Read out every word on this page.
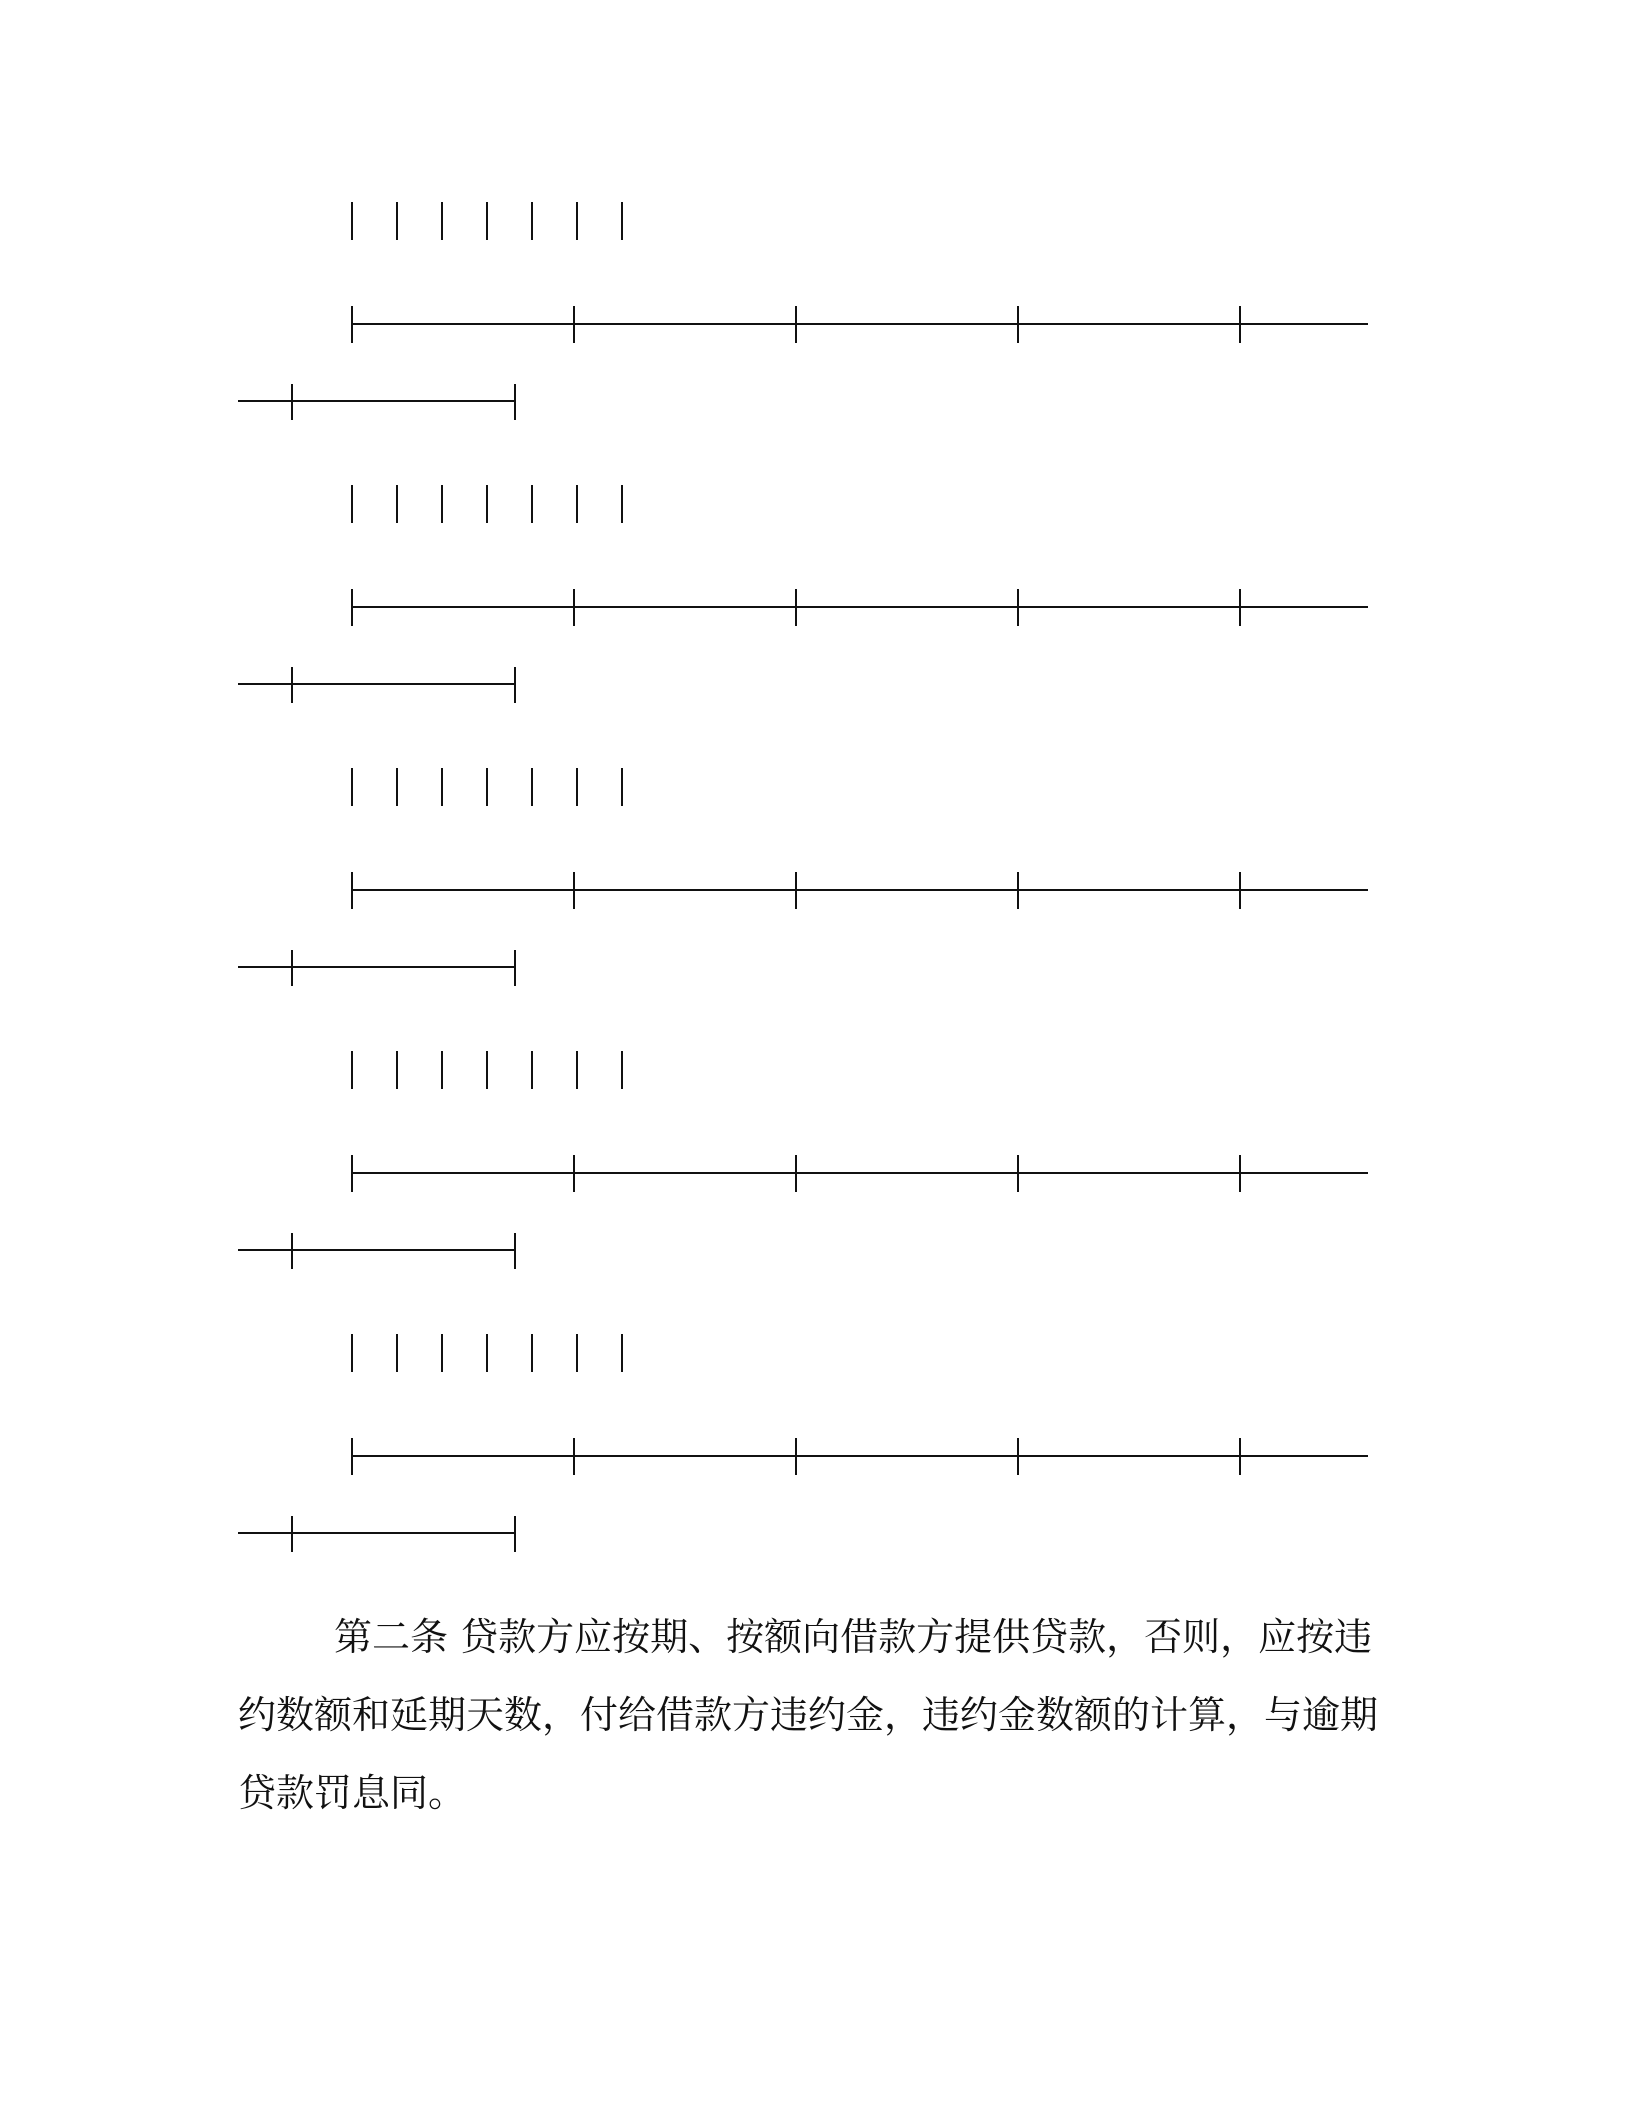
第二条 贷款方应按期、按额向借款方提供贷款，否则，应按违约数额和延期天数，付给借款方违约金，违约金数额的计算，与逾期贷款罚息同。
